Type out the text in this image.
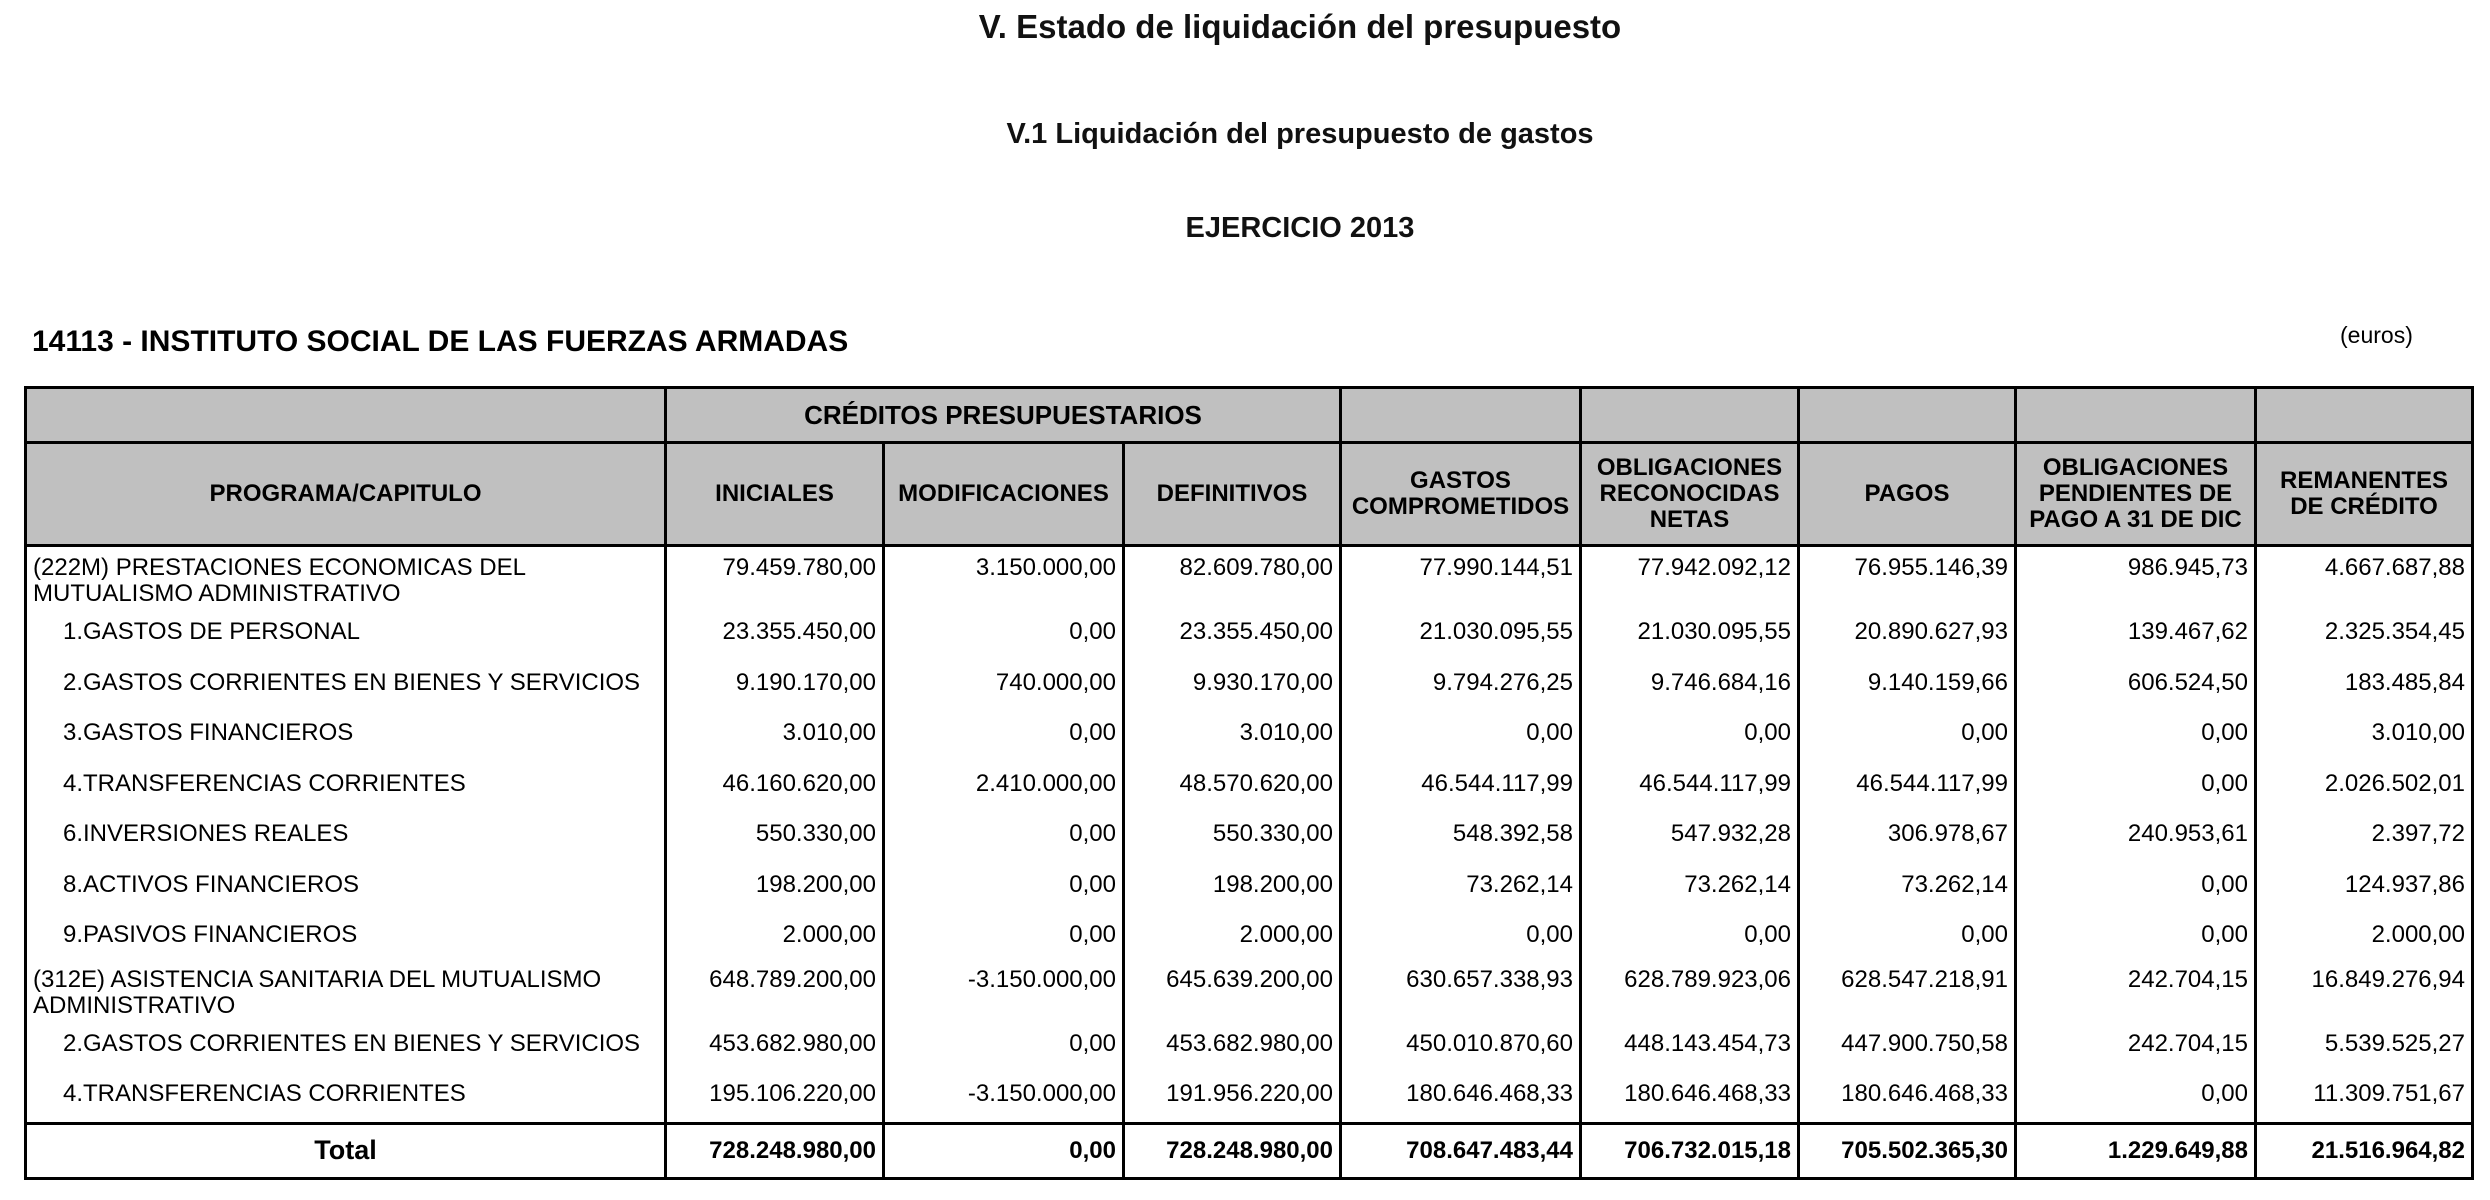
V. Estado de liquidación del presupuesto
V.1 Liquidación del presupuesto de gastos
EJERCICIO 2013
14113 - INSTITUTO SOCIAL DE LAS FUERZAS ARMADAS	(euros)
	CRÉDITOS PRESUPUESTARIOS							
PROGRAMA/CAPITULO	INICIALES	MODIFICACIONES	DEFINITIVOS	GASTOS COMPROMETIDOS	OBLIGACIONES RECONOCIDAS NETAS	PAGOS	OBLIGACIONES PENDIENTES DE PAGO A 31 DE DIC	REMANENTES DE CRÉDITO
(222M) PRESTACIONES ECONOMICAS DEL MUTUALISMO ADMINISTRATIVO	79.459.780,00	3.150.000,00	82.609.780,00	77.990.144,51	77.942.092,12	76.955.146,39	986.945,73	4.667.687,88
1.GASTOS DE PERSONAL	23.355.450,00	0,00	23.355.450,00	21.030.095,55	21.030.095,55	20.890.627,93	139.467,62	2.325.354,45
2.GASTOS CORRIENTES EN BIENES Y SERVICIOS	9.190.170,00	740.000,00	9.930.170,00	9.794.276,25	9.746.684,16	9.140.159,66	606.524,50	183.485,84
3.GASTOS FINANCIEROS	3.010,00	0,00	3.010,00	0,00	0,00	0,00	0,00	3.010,00
4.TRANSFERENCIAS CORRIENTES	46.160.620,00	2.410.000,00	48.570.620,00	46.544.117,99	46.544.117,99	46.544.117,99	0,00	2.026.502,01
6.INVERSIONES REALES	550.330,00	0,00	550.330,00	548.392,58	547.932,28	306.978,67	240.953,61	2.397,72
8.ACTIVOS FINANCIEROS	198.200,00	0,00	198.200,00	73.262,14	73.262,14	73.262,14	0,00	124.937,86
9.PASIVOS FINANCIEROS	2.000,00	0,00	2.000,00	0,00	0,00	0,00	0,00	2.000,00
(312E) ASISTENCIA SANITARIA DEL MUTUALISMO ADMINISTRATIVO	648.789.200,00	-3.150.000,00	645.639.200,00	630.657.338,93	628.789.923,06	628.547.218,91	242.704,15	16.849.276,94
2.GASTOS CORRIENTES EN BIENES Y SERVICIOS	453.682.980,00	0,00	453.682.980,00	450.010.870,60	448.143.454,73	447.900.750,58	242.704,15	5.539.525,27
4.TRANSFERENCIAS CORRIENTES	195.106.220,00	-3.150.000,00	191.956.220,00	180.646.468,33	180.646.468,33	180.646.468,33	0,00	11.309.751,67
Total	728.248.980,00	0,00	728.248.980,00	708.647.483,44	706.732.015,18	705.502.365,30	1.229.649,88	21.516.964,82
